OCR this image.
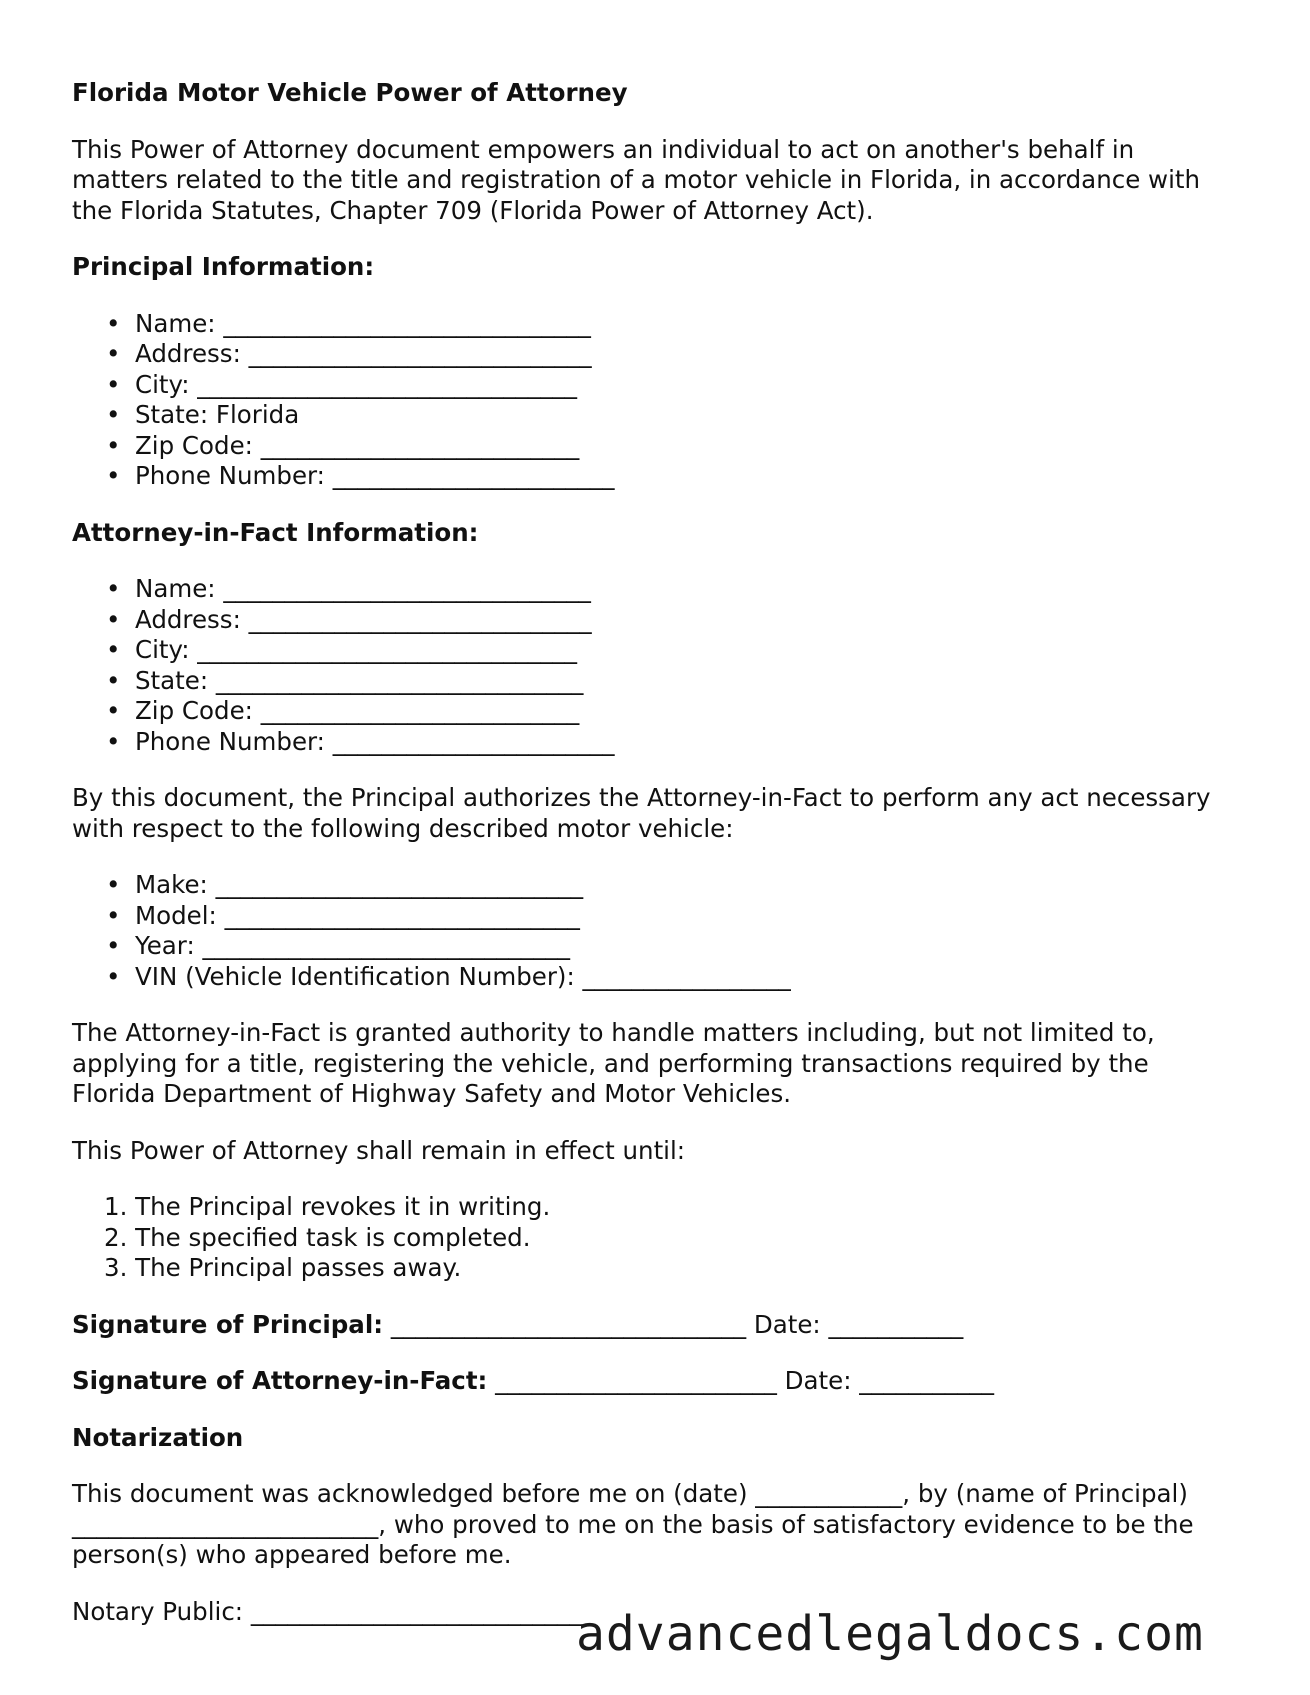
Florida Motor Vehicle Power of Attorney
This Power of Attorney document empowers an individual to act on another's behalf in matters related to the title and registration of a motor vehicle in Florida, in accordance with the Florida Statutes, Chapter 709 (Florida Power of Attorney Act).
Principal Information:
• Name: ______________________________
• Address: ____________________________
• City: _______________________________
• State: Florida
• Zip Code: __________________________
• Phone Number: _______________________
Attorney-in-Fact Information:
• Name: ______________________________
• Address: ____________________________
• City: _______________________________
• State: ______________________________
• Zip Code: __________________________
• Phone Number: _______________________
By this document, the Principal authorizes the Attorney-in-Fact to perform any act necessary with respect to the following described motor vehicle:
• Make: ______________________________
• Model: _____________________________
• Year: ______________________________
• VIN (Vehicle Identification Number): _________________
The Attorney-in-Fact is granted authority to handle matters including, but not limited to, applying for a title, registering the vehicle, and performing transactions required by the Florida Department of Highway Safety and Motor Vehicles.
This Power of Attorney shall remain in effect until:
1. The Principal revokes it in writing.
2. The specified task is completed.
3. The Principal passes away.
Signature of Principal: _____________________________ Date: ___________
Signature of Attorney-in-Fact: _______________________ Date: ___________
Notarization
This document was acknowledged before me on (date) ____________, by (name of Principal) _________________________, who proved to me on the basis of satisfactory evidence to be the person(s) who appeared before me.
Notary Public: ____________________________
advancedlegaldocs.com
